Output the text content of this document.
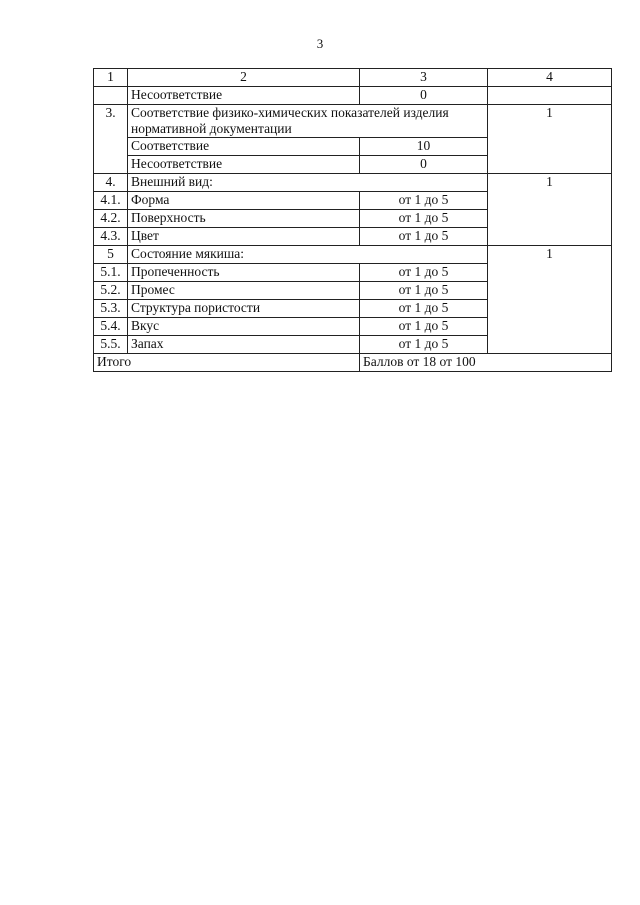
3
1	2	3	4
	Несоответствие	0	
3.	Соответствие физико-химических показателей изделия нормативной документации		1
	Соответствие	10	
	Несоответствие	0	
4.	Внешний вид:		1
4.1.	Форма	от 1 до 5	
4.2.	Поверхность	от 1 до 5	
4.3.	Цвет	от 1 до 5	
5	Состояние мякиша:		1
5.1.	Пропеченность	от 1 до 5	
5.2.	Промес	от 1 до 5	
5.3.	Структура пористости	от 1 до 5	
5.4.	Вкус	от 1 до 5	
5.5.	Запах	от 1 до 5	
Итого		Баллов от 18 от 100	
